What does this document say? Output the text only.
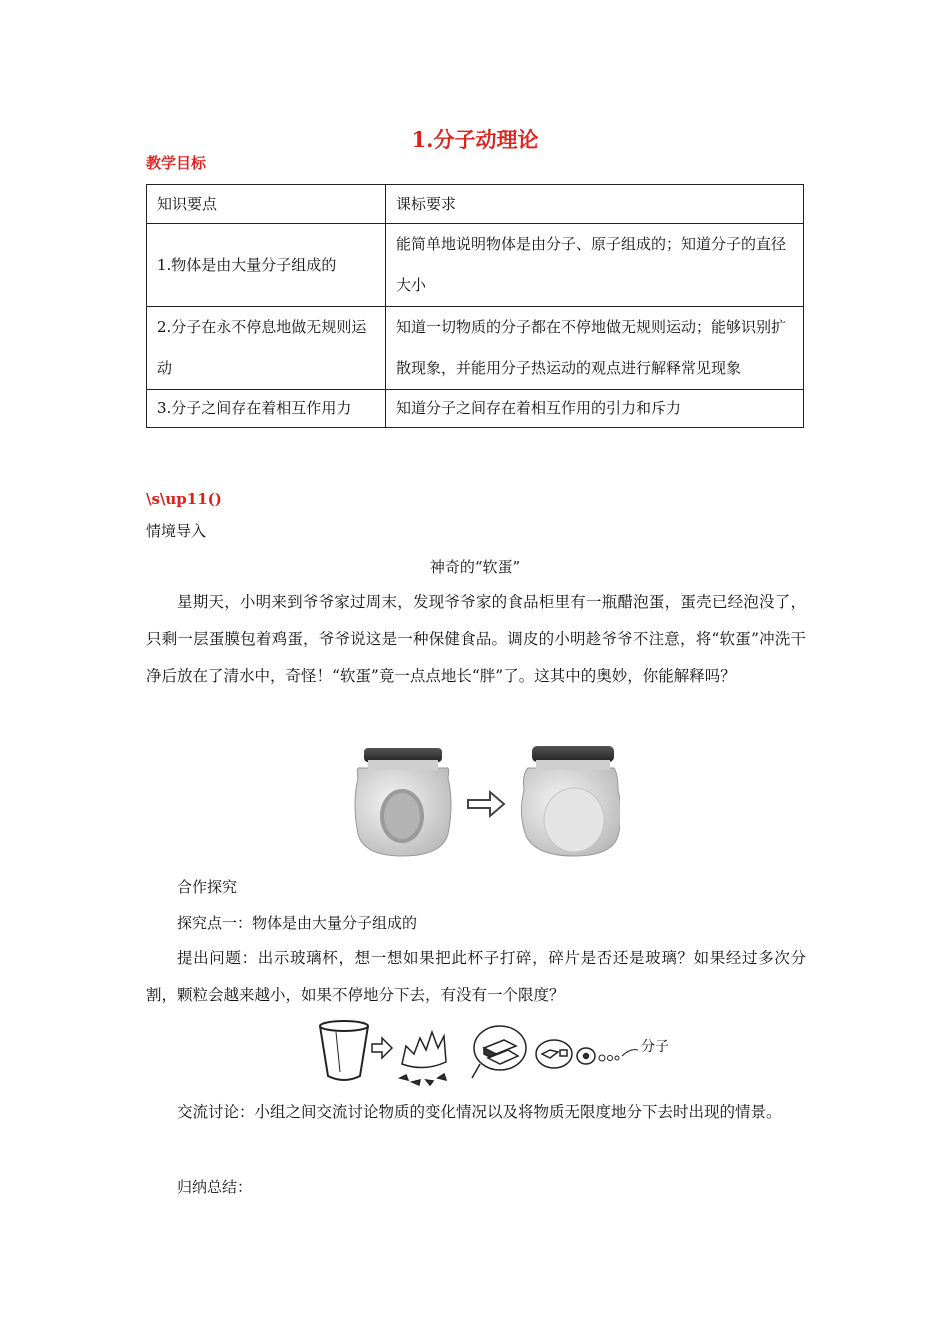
1.分子动理论
教学目标
知识要点	课标要求
1.物体是由大量分子组成的	能简单地说明物体是由分子、原子组成的；知道分子的直径大小
2.分子在永不停息地做无规则运动	知道一切物质的分子都在不停地做无规则运动；能够识别扩散现象，并能用分子热运动的观点进行解释常见现象
3.分子之间存在着相互作用力	知道分子之间存在着相互作用的引力和斥力
\s\up11()
情境导入
神奇的“软蛋”
星期天，小明来到爷爷家过周末，发现爷爷家的食品柜里有一瓶醋泡蛋，蛋壳已经泡没了，只剩一层蛋膜包着鸡蛋，爷爷说这是一种保健食品。调皮的小明趁爷爷不注意，将“软蛋”冲洗干净后放在了清水中，奇怪！“软蛋”竟一点点地长“胖”了。这其中的奥妙，你能解释吗？
合作探究
探究点一：物体是由大量分子组成的
提出问题：出示玻璃杯，想一想如果把此杯子打碎，碎片是否还是玻璃？如果经过多次分割，颗粒会越来越小，如果不停地分下去，有没有一个限度？
分子
交流讨论：小组之间交流讨论物质的变化情况以及将物质无限度地分下去时出现的情景。
归纳总结：
